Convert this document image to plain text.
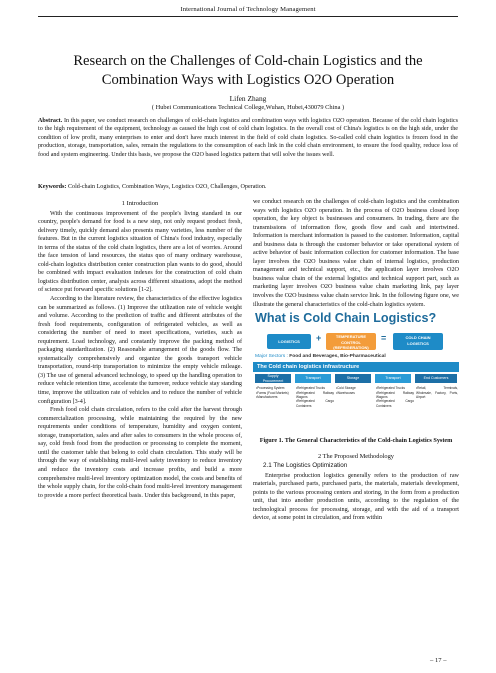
International Journal of Technology Management
Research on the Challenges of Cold-chain Logistics and the
Combination Ways with Logistics O2O Operation
Lifen Zhang
( Hubei Communications Technical College,Wuhan, Hubei,430079 China )
Abstract. In this paper, we conduct research on challenges of cold-chain logistics and combination ways with logistics O2O operation. Because of the cold chain logistics to the high requirement of the equipment, technology as caused the high cost of cold chain logistics. In the overall cost of China's logistics is on the high side, under the condition of low profit, many enterprises to enter and don't have much interest in the field of cold chain logistics. So-called cold chain logistics is frozen food in the production, storage, transportation, sales, remain the regulations to the consumption of each link in the cold chain environment, to ensure the food quality, reduce loss of food and system engineering. Under this basis, we propose the O2O based logistics pattern that will solve the issues well.
Keywords: Cold-chain Logistics, Combination Ways, Logistics O2O, Challenges, Operation.
1 Introduction

With the continuous improvement of the people's living standard in our country, people's demand for food is a new step, not only request product fresh, delivery timely, quickly demand also presents many varieties, less number of the features. But in the current logistics situation of China's food industry, especially in terms of the status of the cold chain logistics, there are a lot of worries. Around the face tension of land resources, the status quo of many ordinary warehouse, cold-chain logistics distribution center construction plan wants to do good, should be combined with impact evaluation indexes for the construction of cold chain logistics distribution center, analysis across different situations, adopt the method of science put forward specific solutions [1-2].

According to the literature review, the characteristics of the effective logistics can be summarized as follows. (1) Improve the utilization rate of vehicle weight and volume. According to the prediction of traffic and different attributes of the fresh food requirements, configuration of refrigerated vehicles, as well as considering the number of need to meet specifications, varieties, such as requirement. Load technology, and constantly improve the packing method of packaging standardization. (2) Reasonable arrangement of the goods flow. The systematically comprehensively and organize the goods transport vehicle transportation, round-trip transportation to minimize the empty vehicle mileage. (3) The use of general advanced technology, to speed up the handling operation to reduce vehicle retention time, accelerate the turnover, reduce vehicle stay standing time, improve the utilization rate of vehicles and to reduce the number of vehicle configuration [3-4].

Fresh food cold chain circulation, refers to the cold after the harvest through commercialization processing, while maintaining the required by the new requirements under conditions of temperature, humidity and oxygen content, storage, transportation, sales and after sales to consumers in the whole process of, say, cold fresh food from the production or processing to complete the moment, until the customer table that belong to cold chain circulation. This study will be through the way of establishing multi-level safety inventory to reduce inventory and reduce the inventory costs and increase profits, and build a more comprehensive multi-level inventory optimization model, the costs and benefits of the whole supply chain, for the cold-chain food multi-level inventory management to provide a more perfect theoretical basis. Under this background, in this paper,

we conduct research on the challenges of cold-chain logistics and the combination ways with logistics O2O operation. In the process of O2O business closed loop operation, the key object is businesses and consumers. In trading, there are the transmissions of information flow, goods flow and cash and intertwined. Information is merchant information is passed to the customer. Information, capital and business data is through the customer behavior or take operational system of active behavior of basic information collection for customer information. The base layer involves the O2O business value chain of internal logistics, production management and technical support, etc., the application layer involves O2O business value chain of the external logistics and technical support part, such as marketing layer involves O2O business value chain marketing link, pay layer involves the O2O business value chain service link. In the following figure one, we illustrate the general characteristics of the cold-chain logistics system.

What is Cold Chain Logistics?
LOGISTICS	+	TEMPERATURE
CONTROL
(REFRIGERATION)
=	COLD CHAIN
LOGISTICS
Major Sectors : Food and Beverages, Bio-Pharmaceutical
The Cold chain logistics infrastructure
Supply
Procurement
Transport	Storage	Transport	End Customers
• Processing System
• Farms (Food Markets)
• Manufacturers
• Refrigerated Trucks
• Refrigerated Railway Wagons
• Refrigerated Cargo Containers
• Cold Storage
• Warehouses
• Refrigerated Trucks
• Refrigerated Railway Wagons
• Refrigerated Cargo Containers
• Retail, Terminals, Wholesale, Factory, Ports, Airport
Figure 1. The General Characteristics of the Cold-chain Logistics System
2 The Proposed Methodology
2.1 The Logistics Optimization

Enterprise production logistics generally refers to the production of raw materials, purchased parts, purchased parts, the materials, materials development, points to the various processing centers and storing, in the form from a production unit, that into another production units, according to the regulation of the technological process for processing, storage, and with the aid of a transport device, at some point in circulation, and from within

– 17 –
